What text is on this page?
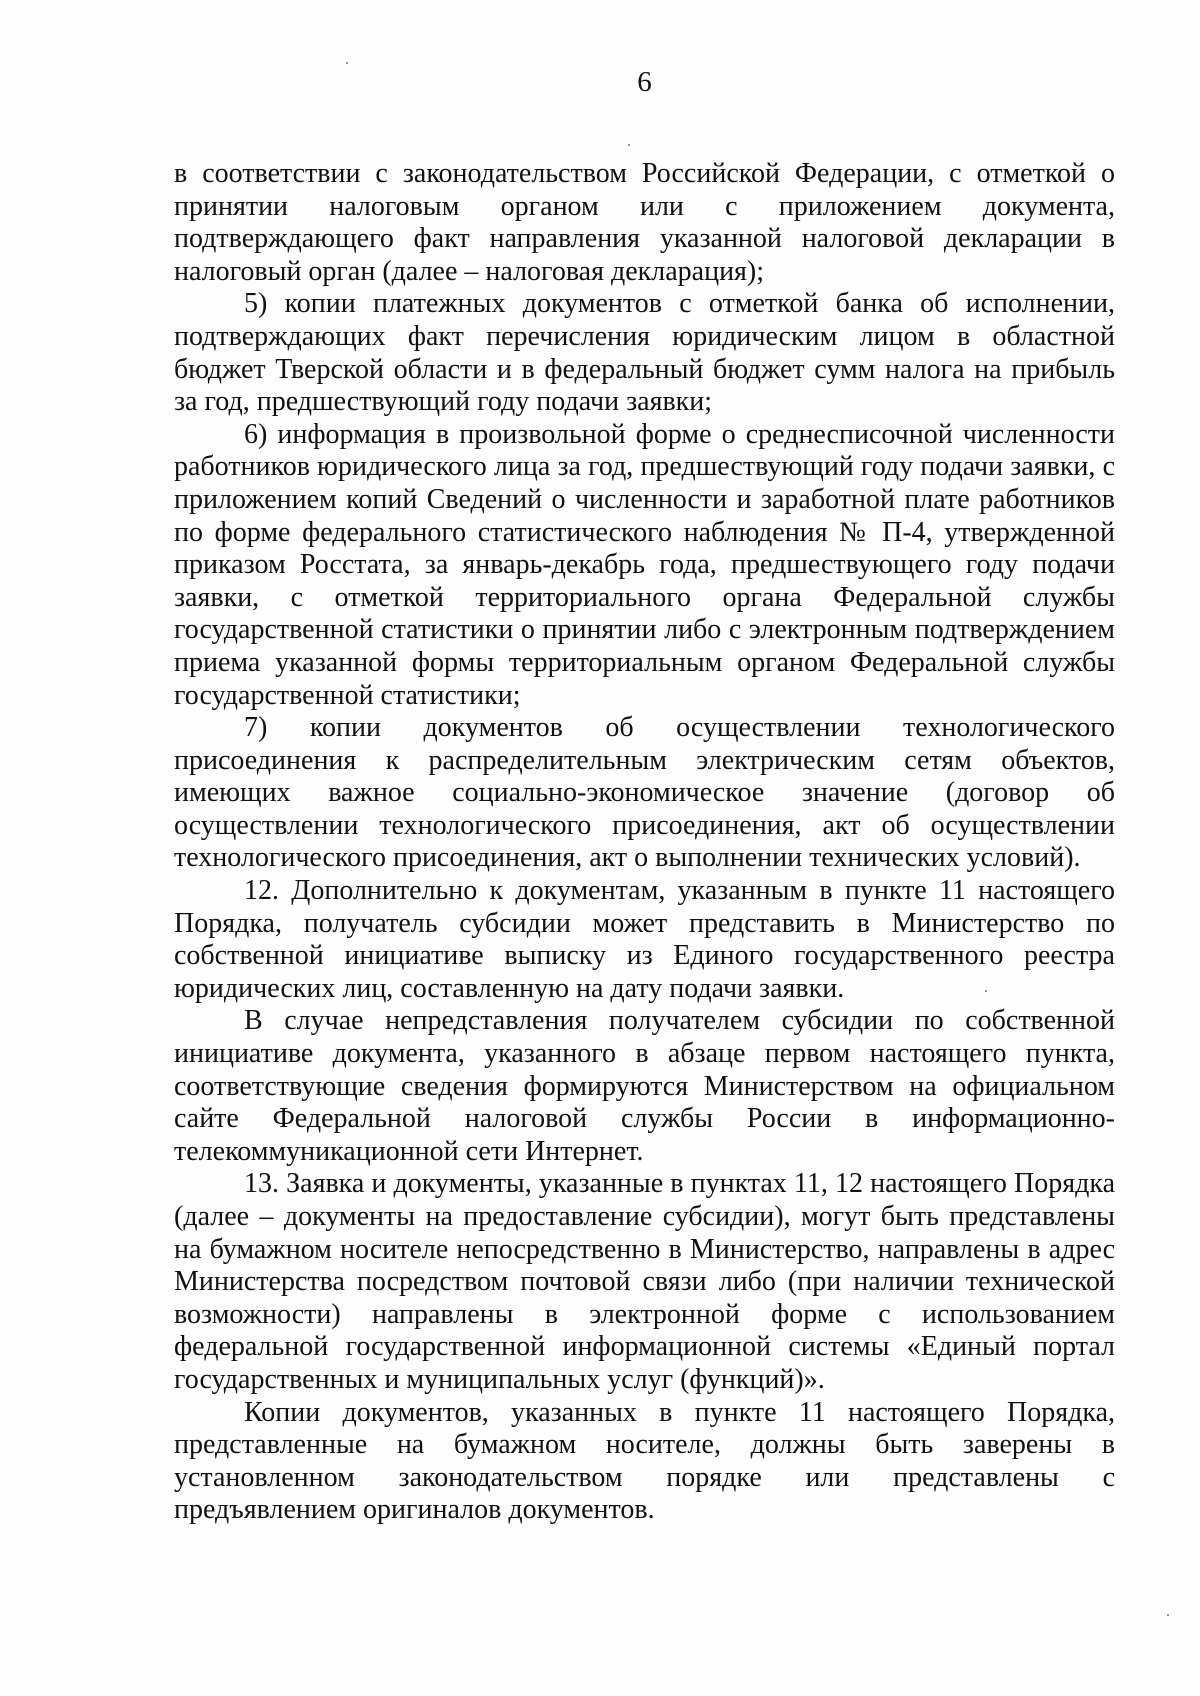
6

в соответствии с законодательством Российской Федерации, с отметкой о принятии налоговым органом или с приложением документа, подтверждающего факт направления указанной налоговой декларации в налоговый орган (далее – налоговая декларация);

5) копии платежных документов с отметкой банка об исполнении, подтверждающих факт перечисления юридическим лицом в областной бюджет Тверской области и в федеральный бюджет сумм налога на прибыль за год, предшествующий году подачи заявки;

6) информация в произвольной форме о среднесписочной численности работников юридического лица за год, предшествующий году подачи заявки, с приложением копий Сведений о численности и заработной плате работников по форме федерального статистического наблюдения № П-4, утвержденной приказом Росстата, за январь-декабрь года, предшествующего году подачи заявки, с отметкой территориального органа Федеральной службы государственной статистики о принятии либо с электронным подтверждением приема указанной формы территориальным органом Федеральной службы государственной статистики;

7) копии документов об осуществлении технологического присоединения к распределительным электрическим сетям объектов, имеющих важное социально-экономическое значение (договор об осуществлении технологического присоединения, акт об осуществлении технологического присоединения, акт о выполнении технических условий).

12. Дополнительно к документам, указанным в пункте 11 настоящего Порядка, получатель субсидии может представить в Министерство по собственной инициативе выписку из Единого государственного реестра юридических лиц, составленную на дату подачи заявки.

В случае непредставления получателем субсидии по собственной инициативе документа, указанного в абзаце первом настоящего пункта, соответствующие сведения формируются Министерством на официальном сайте Федеральной налоговой службы России в информационно-телекоммуникационной сети Интернет.

13. Заявка и документы, указанные в пунктах 11, 12 настоящего Порядка (далее – документы на предоставление субсидии), могут быть представлены на бумажном носителе непосредственно в Министерство, направлены в адрес Министерства посредством почтовой связи либо (при наличии технической возможности) направлены в электронной форме с использованием федеральной государственной информационной системы «Единый портал государственных и муниципальных услуг (функций)».

Копии документов, указанных в пункте 11 настоящего Порядка, представленные на бумажном носителе, должны быть заверены в установленном законодательством порядке или представлены с предъявлением оригиналов документов.
